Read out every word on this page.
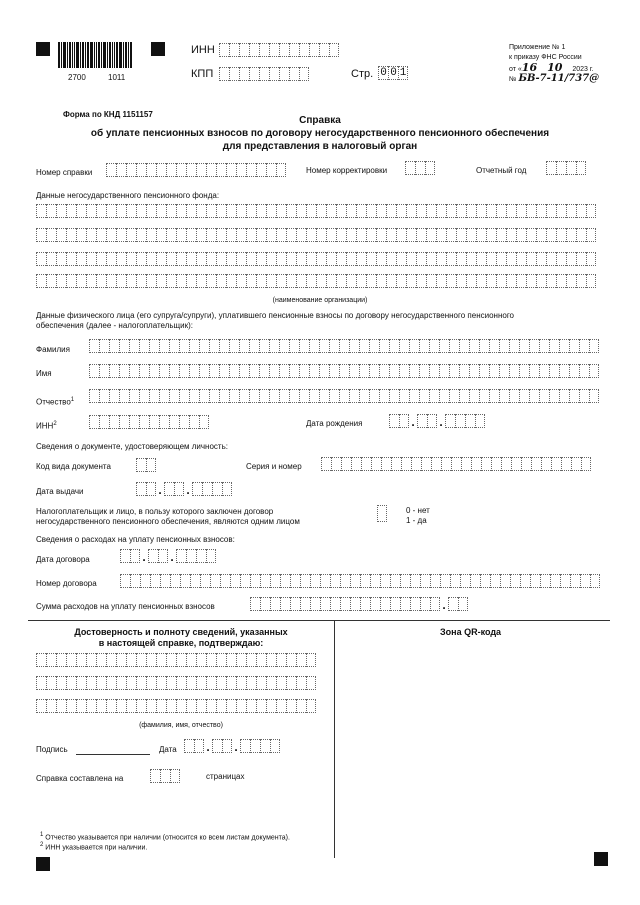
2700	1011
ИНН
КПП	Стр. 0 0 1
Приложение № 1
к приказу ФНС России
от «16 10 2023 г.
№ БВ-7-11/737@
Форма по КНД 1151157
Справка
об уплате пенсионных взносов по договору негосударственного пенсионного обеспечения
для представления в налоговый орган
Номер справки	Номер корректировки	Отчетный год
Данные негосударственного пенсионного фонда:
(наименование организации)
Данные физического лица (его супруга/супруги), уплатившего пенсионные взносы по договору негосударственного пенсионного
обеспечения (далее - налогоплательщик):
Фамилия
Имя
Отчество$^1$
ИНН$^2$	Дата рождения	. .
Сведения о документе, удостоверяющем личность:
Код вида документа	Серия и номер
Дата выдачи	. .
Налогоплательщик и лицо, в пользу которого заключен договор
негосударственного пенсионного обеспечения, являются одним лицом
0 - нет
1 - да
Сведения о расходах на уплату пенсионных взносов:
Дата договора	. .
Номер договора
Сумма расходов на уплату пенсионных взносов	.
Достоверность и полноту сведений, указанных
в настоящей справке, подтверждаю:
Зона QR-кода
(фамилия, имя, отчество)
Подпись	Дата . .
Справка составлена на	страницах
$^1$ Отчество указывается при наличии (относится ко всем листам документа).
$^2$ ИНН указывается при наличии.
